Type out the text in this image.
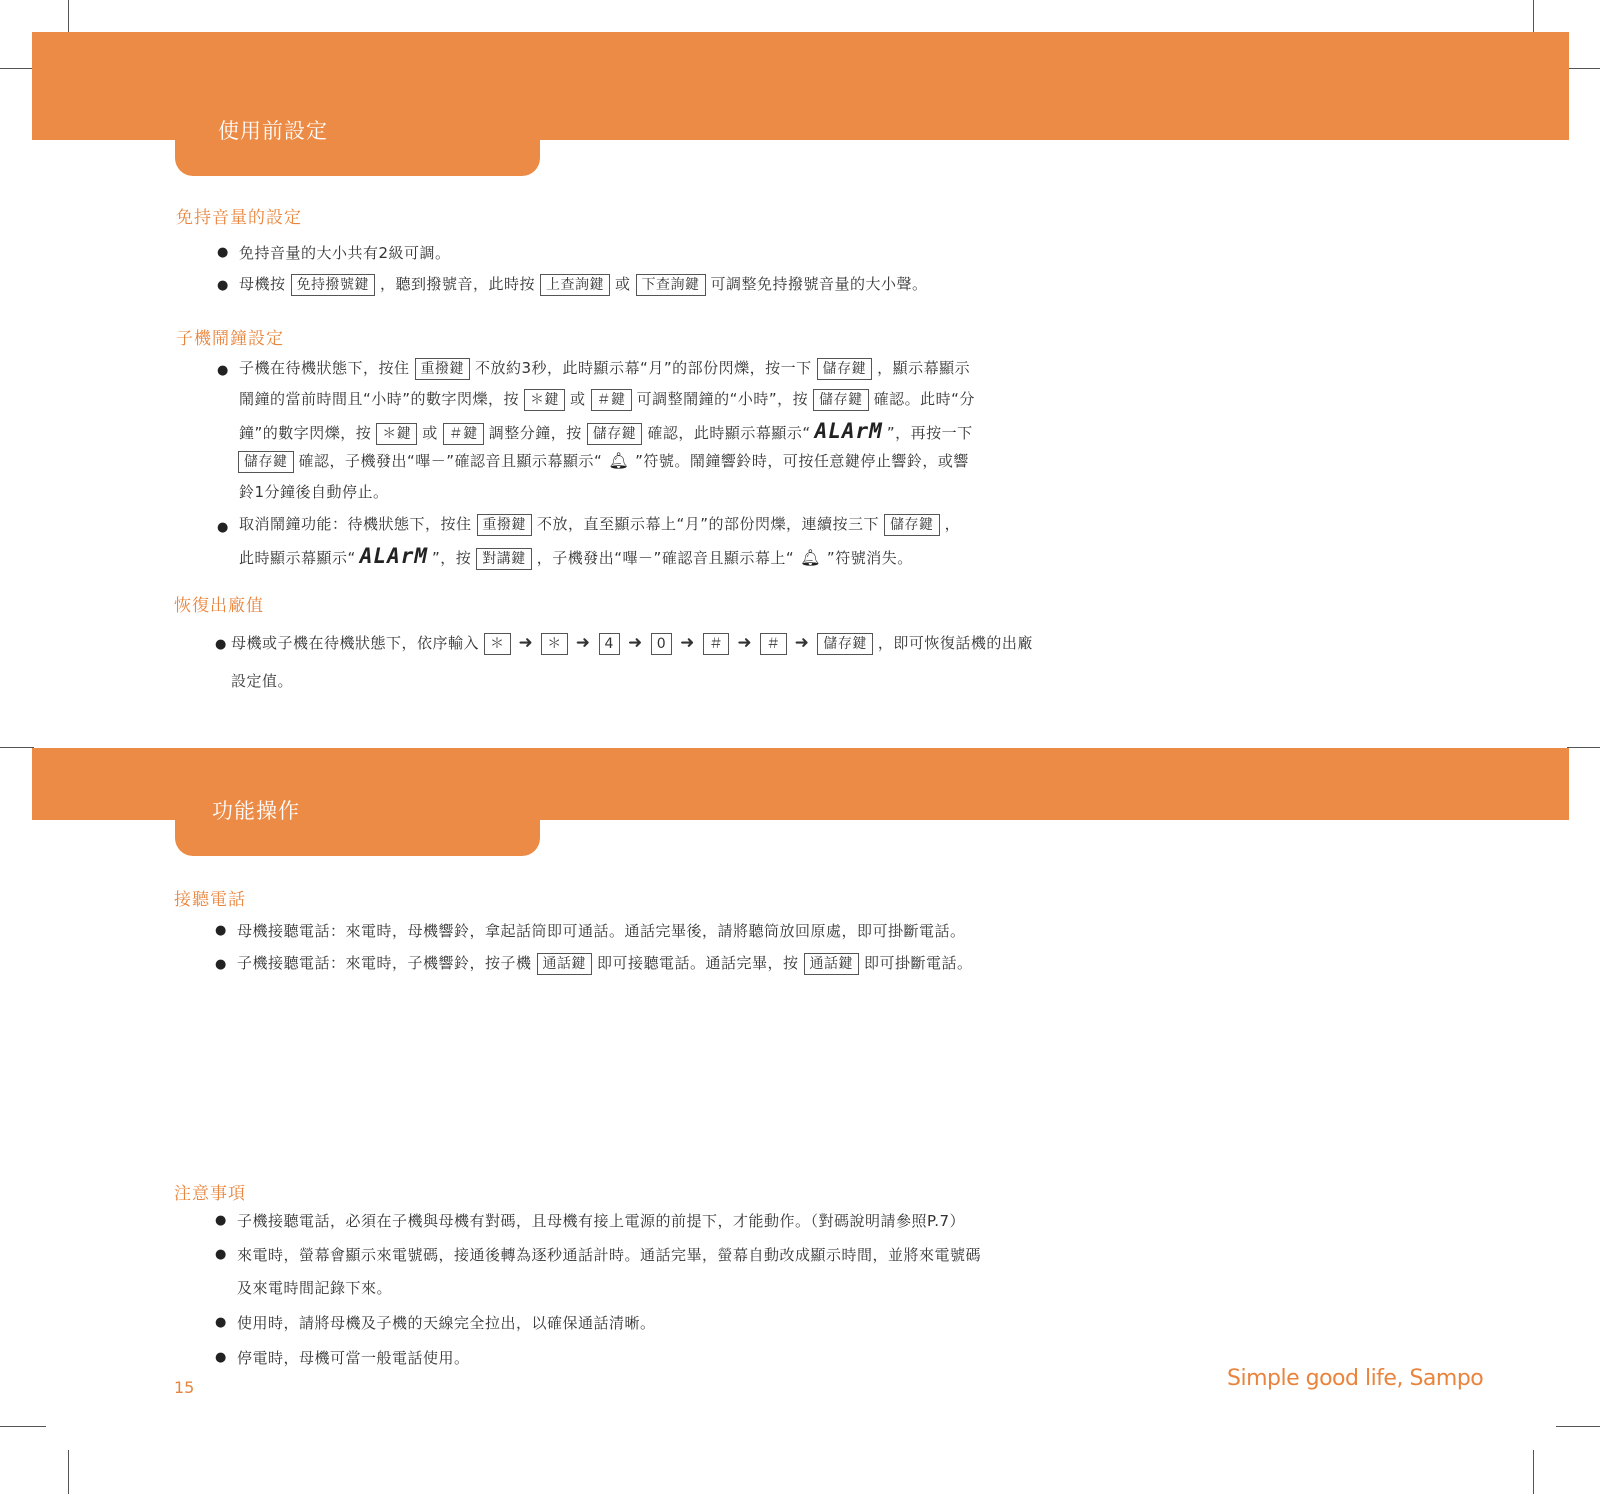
使用前設定
免持音量的設定
● 免持音量的大小共有2級可調。
● 母機按 免持撥號鍵 ，聽到撥號音，此時按 上查詢鍵 或 下查詢鍵 可調整免持撥號音量的大小聲。
子機鬧鐘設定
● 子機在待機狀態下，按住 重撥鍵 不放約3秒，此時顯示幕“月”的部份閃爍，按一下 儲存鍵 ，顯示幕顯示
鬧鐘的當前時間且“小時”的數字閃爍，按 ＊鍵 或 ＃鍵 可調整鬧鐘的“小時”，按 儲存鍵 確認。此時“分
鐘”的數字閃爍，按 ＊鍵 或 ＃鍵 調整分鐘，按 儲存鍵 確認，此時顯示幕顯示“ ALArM ”，再按一下
儲存鍵 確認，子機發出“嗶－”確認音且顯示幕顯示“ 🔔︎ ”符號。鬧鐘響鈴時，可按任意鍵停止響鈴，或響
鈴1分鐘後自動停止。
● 取消鬧鐘功能：待機狀態下，按住 重撥鍵 不放，直至顯示幕上“月”的部份閃爍，連續按三下 儲存鍵 ，
此時顯示幕顯示“ ALArM ”，按 對講鍵 ，子機發出“嗶－”確認音且顯示幕上“ 🔔︎ ”符號消失。
恢復出廠值
● 母機或子機在待機狀態下，依序輸入 ＊ ➜ ＊ ➜ 4 ➜ 0 ➜ ＃ ➜ ＃ ➜ 儲存鍵 ，即可恢復話機的出廠
設定值。
功能操作
接聽電話
● 母機接聽電話：來電時，母機響鈴，拿起話筒即可通話。通話完畢後，請將聽筒放回原處，即可掛斷電話。
● 子機接聽電話：來電時，子機響鈴，按子機 通話鍵 即可接聽電話。通話完畢，按 通話鍵 即可掛斷電話。
注意事項
● 子機接聽電話，必須在子機與母機有對碼，且母機有接上電源的前提下，才能動作。（對碼說明請參照P.7）
● 來電時，螢幕會顯示來電號碼，接通後轉為逐秒通話計時。通話完畢，螢幕自動改成顯示時間，並將來電號碼
及來電時間記錄下來。
● 使用時，請將母機及子機的天線完全拉出，以確保通話清晰。
● 停電時，母機可當一般電話使用。
15	Simple good life, Sampo
